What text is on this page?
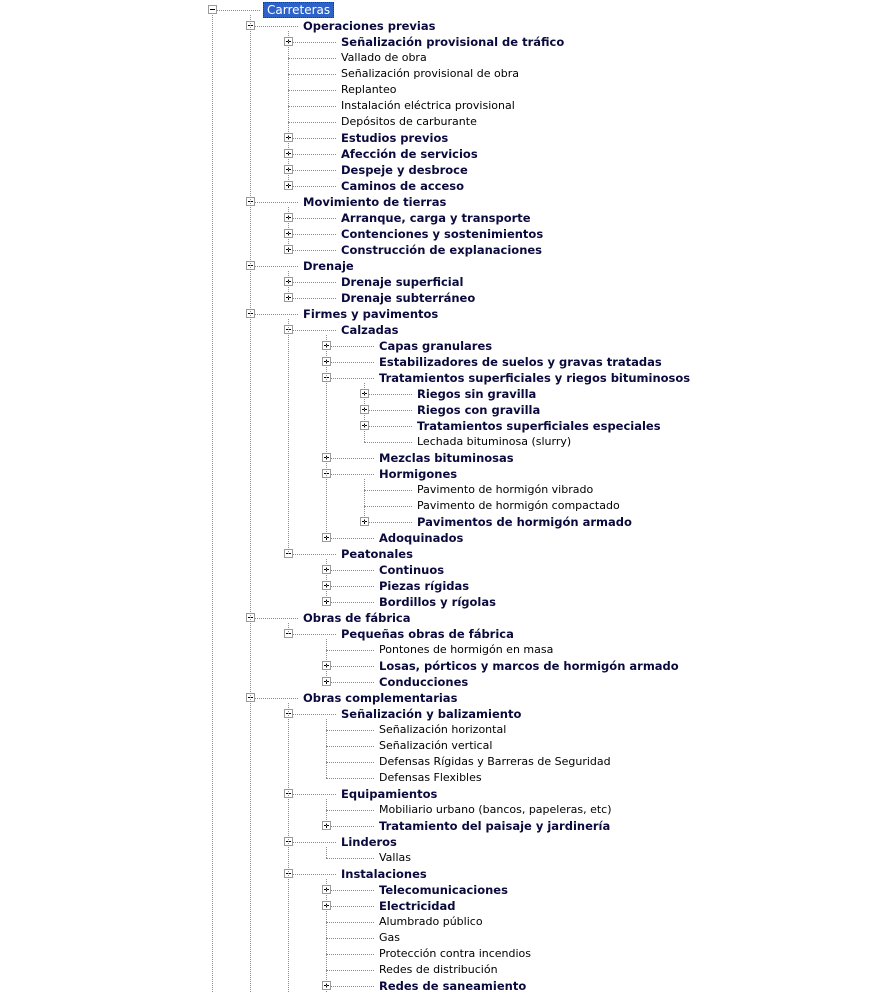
Carreteras
Operaciones previas
Señalización provisional de tráfico
Vallado de obra
Señalización provisional de obra
Replanteo
Instalación eléctrica provisional
Depósitos de carburante
Estudios previos
Afección de servicios
Despeje y desbroce
Caminos de acceso
Movimiento de tierras
Arranque, carga y transporte
Contenciones y sostenimientos
Construcción de explanaciones
Drenaje
Drenaje superficial
Drenaje subterráneo
Firmes y pavimentos
Calzadas
Capas granulares
Estabilizadores de suelos y gravas tratadas
Tratamientos superficiales y riegos bituminosos
Riegos sin gravilla
Riegos con gravilla
Tratamientos superficiales especiales
Lechada bituminosa (slurry)
Mezclas bituminosas
Hormigones
Pavimento de hormigón vibrado
Pavimento de hormigón compactado
Pavimentos de hormigón armado
Adoquinados
Peatonales
Continuos
Piezas rígidas
Bordillos y rígolas
Obras de fábrica
Pequeñas obras de fábrica
Pontones de hormigón en masa
Losas, pórticos y marcos de hormigón armado
Conducciones
Obras complementarias
Señalización y balizamiento
Señalización horizontal
Señalización vertical
Defensas Rígidas y Barreras de Seguridad
Defensas Flexibles
Equipamientos
Mobiliario urbano (bancos, papeleras, etc)
Tratamiento del paisaje y jardinería
Linderos
Vallas
Instalaciones
Telecomunicaciones
Electricidad
Alumbrado público
Gas
Protección contra incendios
Redes de distribución
Redes de saneamiento
